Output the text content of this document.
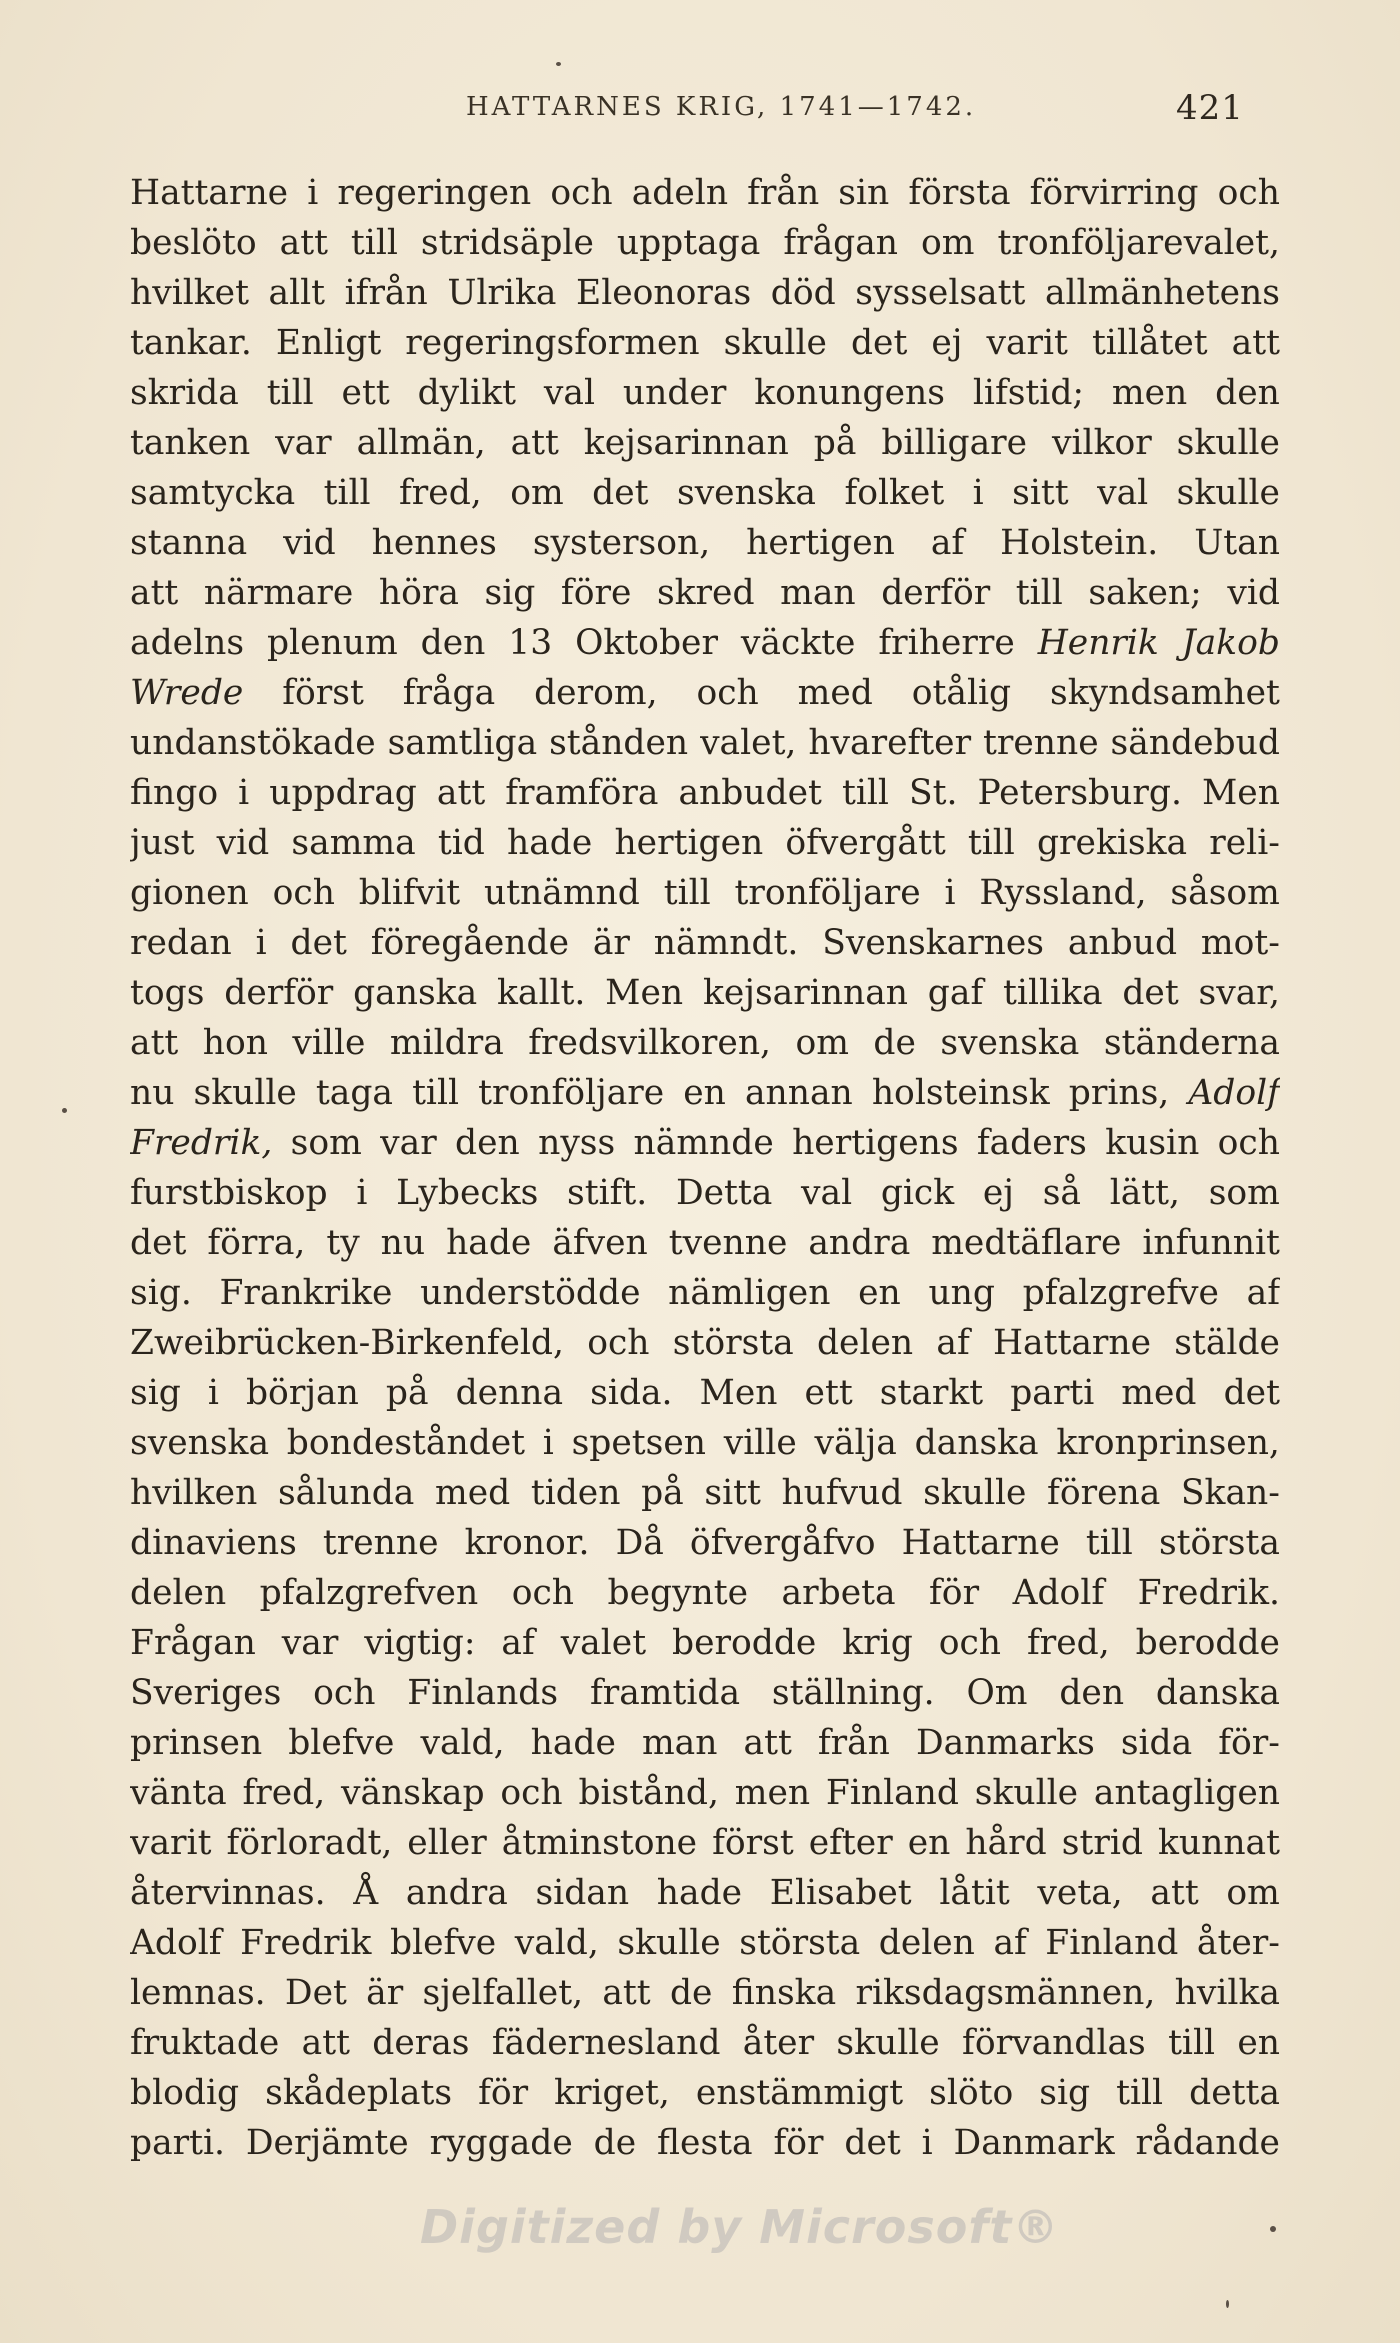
HATTARNES KRIG, 1741—1742.	421
Hattarne i regeringen och adeln från sin första förvirring och
beslöto att till stridsäple upptaga frågan om tronföljarevalet,
hvilket allt ifrån Ulrika Eleonoras död sysselsatt allmänhetens
tankar. Enligt regeringsformen skulle det ej varit tillåtet att
skrida till ett dylikt val under konungens lifstid; men den
tanken var allmän, att kejsarinnan på billigare vilkor skulle
samtycka till fred, om det svenska folket i sitt val skulle
stanna vid hennes systerson, hertigen af Holstein. Utan
att närmare höra sig före skred man derför till saken; vid
adelns plenum den 13 Oktober väckte friherre Henrik Jakob
Wrede först fråga derom, och med otålig skyndsamhet
undanstökade samtliga stånden valet, hvarefter trenne sändebud
fingo i uppdrag att framföra anbudet till St. Petersburg. Men
just vid samma tid hade hertigen öfvergått till grekiska reli-
gionen och blifvit utnämnd till tronföljare i Ryssland, såsom
redan i det föregående är nämndt. Svenskarnes anbud mot-
togs derför ganska kallt. Men kejsarinnan gaf tillika det svar,
att hon ville mildra fredsvilkoren, om de svenska ständerna
nu skulle taga till tronföljare en annan holsteinsk prins, Adolf
Fredrik, som var den nyss nämnde hertigens faders kusin och
furstbiskop i Lybecks stift. Detta val gick ej så lätt, som
det förra, ty nu hade äfven tvenne andra medtäflare infunnit
sig. Frankrike understödde nämligen en ung pfalzgrefve af
Zweibrücken-Birkenfeld, och största delen af Hattarne stälde
sig i början på denna sida. Men ett starkt parti med det
svenska bondeståndet i spetsen ville välja danska kronprinsen,
hvilken sålunda med tiden på sitt hufvud skulle förena Skan-
dinaviens trenne kronor. Då öfvergåfvo Hattarne till största
delen pfalzgrefven och begynte arbeta för Adolf Fredrik.
Frågan var vigtig: af valet berodde krig och fred, berodde
Sveriges och Finlands framtida ställning. Om den danska
prinsen blefve vald, hade man att från Danmarks sida för-
vänta fred, vänskap och bistånd, men Finland skulle antagligen
varit förloradt, eller åtminstone först efter en hård strid kunnat
återvinnas. Å andra sidan hade Elisabet låtit veta, att om
Adolf Fredrik blefve vald, skulle största delen af Finland åter-
lemnas. Det är sjelfallet, att de finska riksdagsmännen, hvilka
fruktade att deras fädernesland åter skulle förvandlas till en
blodig skådeplats för kriget, enstämmigt slöto sig till detta
parti. Derjämte ryggade de flesta för det i Danmark rådande
Digitized by Microsoft®
